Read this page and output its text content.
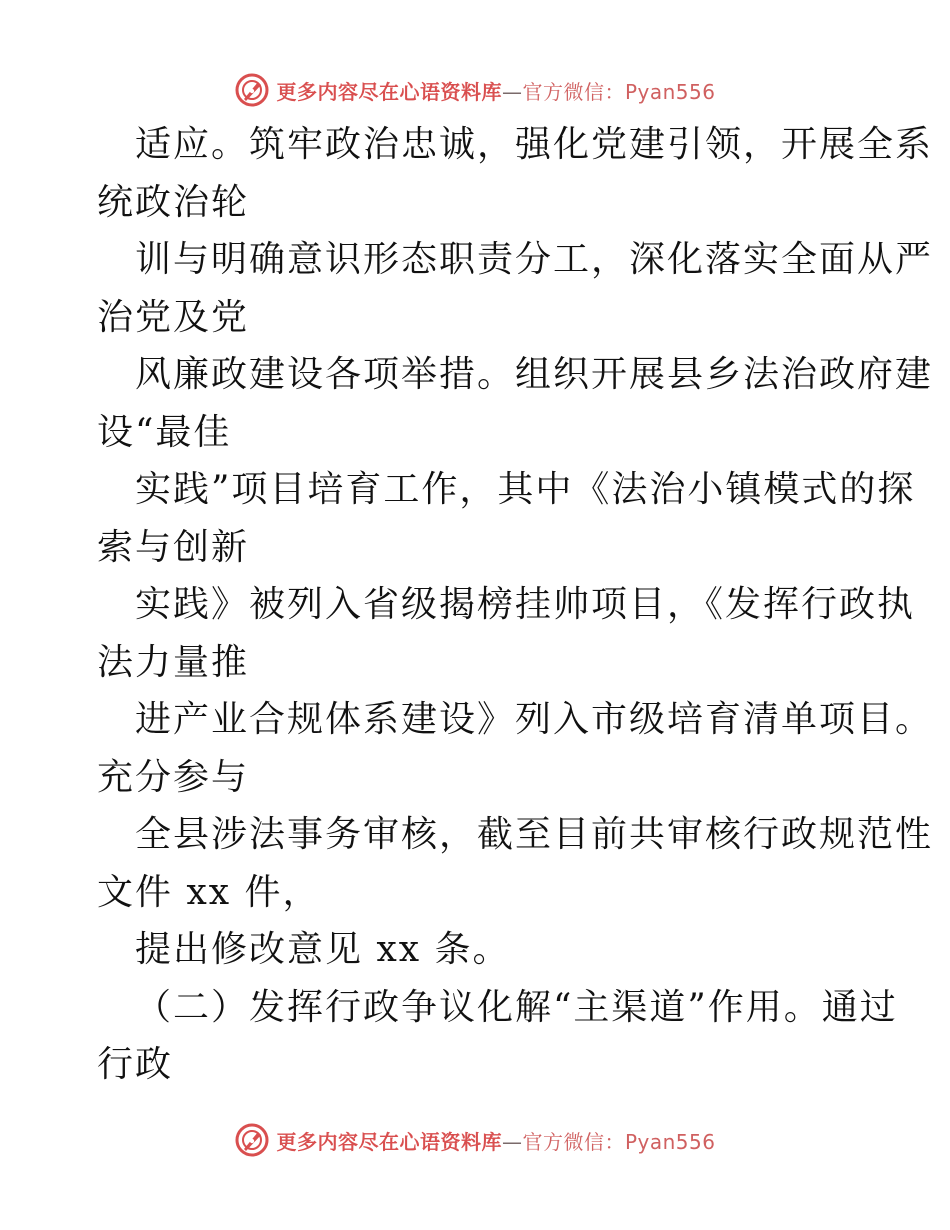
更多内容尽在心语资料库—官方微信：Pyan556
适应。筑牢政治忠诚，强化党建引领，开展全系
统政治轮
训与明确意识形态职责分工，深化落实全面从严
治党及党
风廉政建设各项举措。组织开展县乡法治政府建
设“最佳
实践”项目培育工作，其中《法治小镇模式的探
索与创新
实践》被列入省级揭榜挂帅项目，《发挥行政执
法力量推
进产业合规体系建设》列入市级培育清单项目。
充分参与
全县涉法事务审核，截至目前共审核行政规范性
文件 xx 件，
提出修改意见 xx 条。
（二）发挥行政争议化解“主渠道”作用。通过
行政
更多内容尽在心语资料库—官方微信：Pyan556
